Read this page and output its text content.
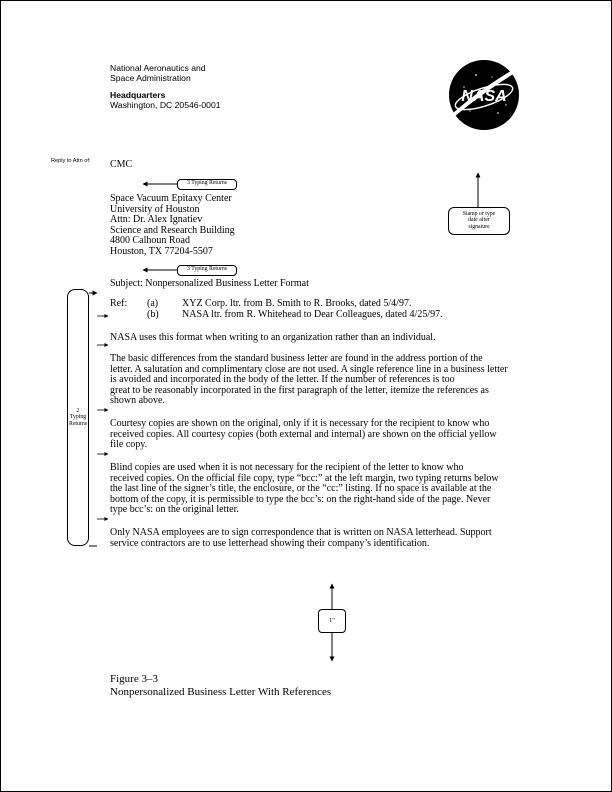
National Aeronautics and
Space Administration
Headquarters
Washington, DC 20546-0001	NASA
Reply to Attn of: CMC
Space Vacuum Epitaxy Center
University of Houston
Attn: Dr. Alex Ignatiev
Science and Research Building
4800 Calhoun Road
Houston, TX 77204-5507
Subject: Nonpersonalized Business Letter Format
Ref: (a) XYZ Corp. ltr. from B. Smith to R. Brooks, dated 5/4/97.
(b) NASA ltr. from R. Whitehead to Dear Colleagues, dated 4/25/97.
NASA uses this format when writing to an organization rather than an individual.
The basic differences from the standard business letter are found in the address portion of the
letter. A salutation and complimentary close are not used. A single reference line in a business letter
is avoided and incorporated in the body of the letter. If the number of references is too
great to be reasonably incorporated in the first paragraph of the letter, itemize the references as
shown above.
Courtesy copies are shown on the original, only if it is necessary for the recipient to know who
received copies. All courtesy copies (both external and internal) are shown on the official yellow
file copy.
Blind copies are used when it is not necessary for the recipient of the letter to know who
received copies. On the official file copy, type “bcc:” at the left margin, two typing returns below
the last line of the signer’s title, the enclosure, or the “cc:” listing. If no space is available at the
bottom of the copy, it is permissible to type the bcc’s: on the right-hand side of the page. Never
type bcc’s: on the original letter.
Only NASA employees are to sign correspondence that is written on NASA letterhead. Support
service contractors are to use letterhead showing their company’s identification.
3 Typing Returns
3 Typing Returns
Stamp or type
date after
signature
2
Typing
Returns
1"
Figure 3–3
Nonpersonalized Business Letter With References
